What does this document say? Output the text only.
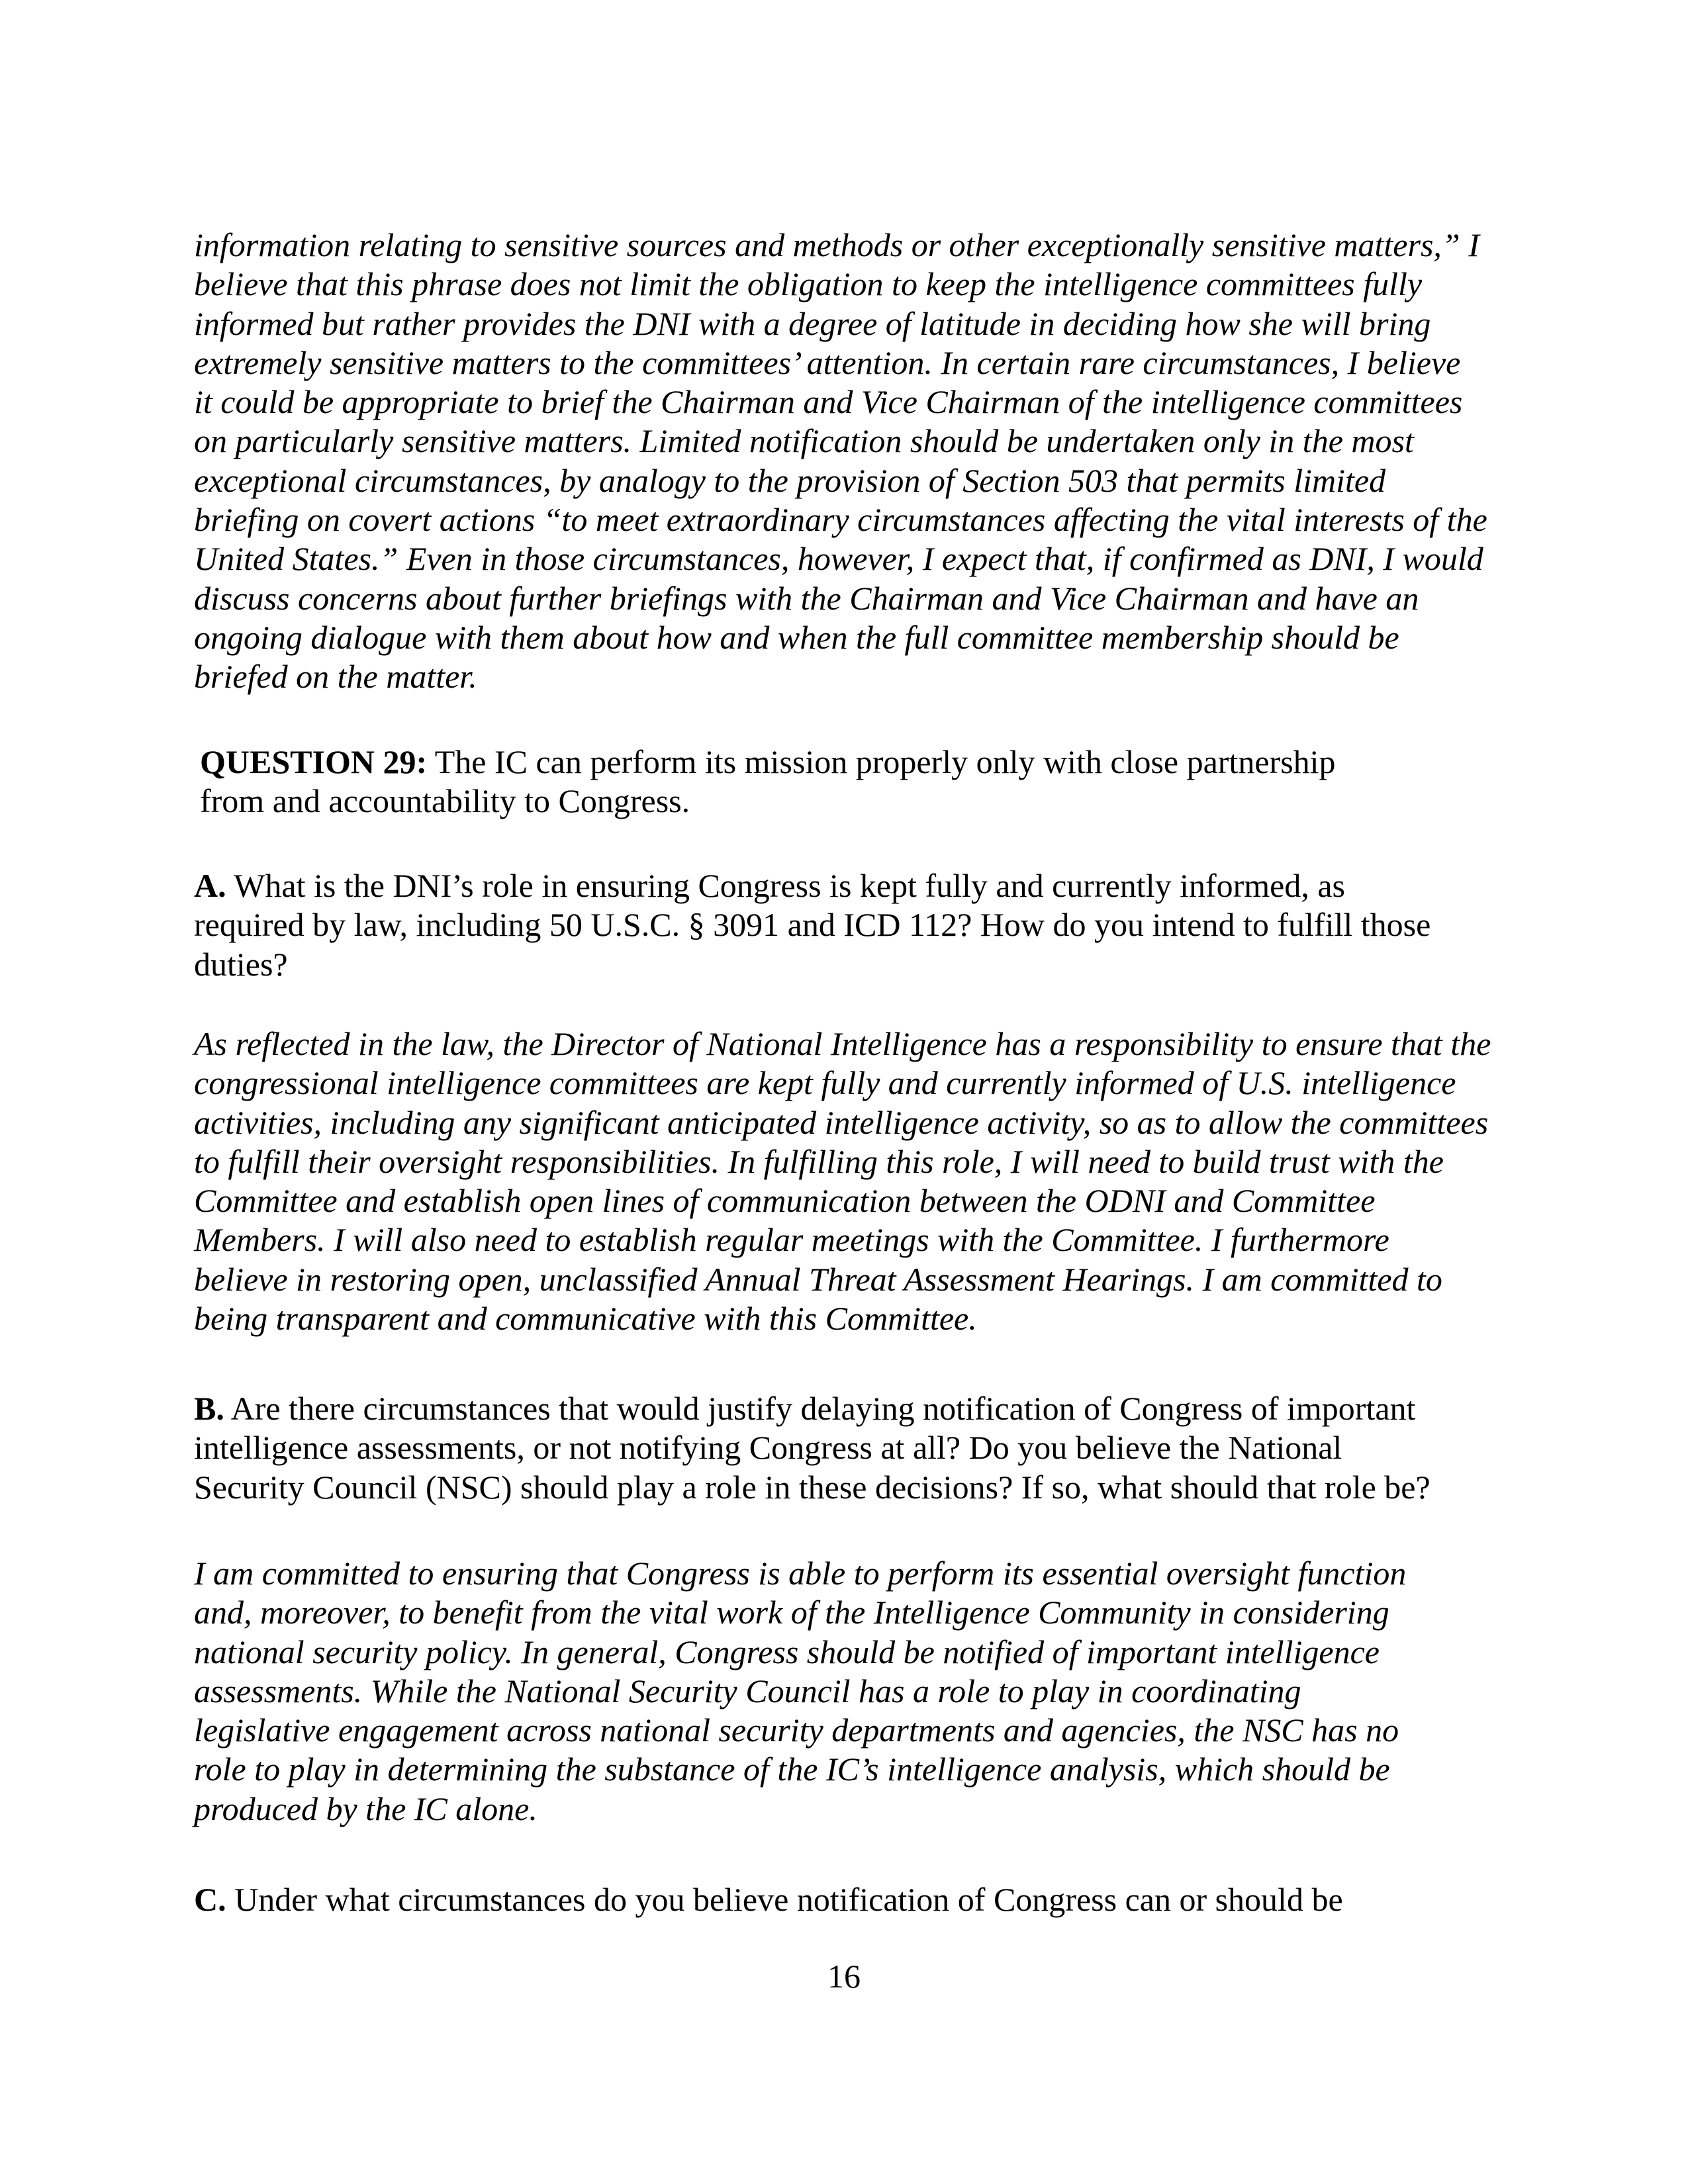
information relating to sensitive sources and methods or other exceptionally sensitive matters,” I
believe that this phrase does not limit the obligation to keep the intelligence committees fully
informed but rather provides the DNI with a degree of latitude in deciding how she will bring
extremely sensitive matters to the committees’ attention. In certain rare circumstances, I believe
it could be appropriate to brief the Chairman and Vice Chairman of the intelligence committees
on particularly sensitive matters. Limited notification should be undertaken only in the most
exceptional circumstances, by analogy to the provision of Section 503 that permits limited
briefing on covert actions “to meet extraordinary circumstances affecting the vital interests of the
United States.” Even in those circumstances, however, I expect that, if confirmed as DNI, I would
discuss concerns about further briefings with the Chairman and Vice Chairman and have an
ongoing dialogue with them about how and when the full committee membership should be
briefed on the matter.
QUESTION 29: The IC can perform its mission properly only with close partnership
from and accountability to Congress.
A. What is the DNI’s role in ensuring Congress is kept fully and currently informed, as
required by law, including 50 U.S.C. § 3091 and ICD 112? How do you intend to fulfill those
duties?
As reflected in the law, the Director of National Intelligence has a responsibility to ensure that the
congressional intelligence committees are kept fully and currently informed of U.S. intelligence
activities, including any significant anticipated intelligence activity, so as to allow the committees
to fulfill their oversight responsibilities. In fulfilling this role, I will need to build trust with the
Committee and establish open lines of communication between the ODNI and Committee
Members. I will also need to establish regular meetings with the Committee. I furthermore
believe in restoring open, unclassified Annual Threat Assessment Hearings. I am committed to
being transparent and communicative with this Committee.
B. Are there circumstances that would justify delaying notification of Congress of important
intelligence assessments, or not notifying Congress at all? Do you believe the National
Security Council (NSC) should play a role in these decisions? If so, what should that role be?
I am committed to ensuring that Congress is able to perform its essential oversight function
and, moreover, to benefit from the vital work of the Intelligence Community in considering
national security policy. In general, Congress should be notified of important intelligence
assessments. While the National Security Council has a role to play in coordinating
legislative engagement across national security departments and agencies, the NSC has no
role to play in determining the substance of the IC’s intelligence analysis, which should be
produced by the IC alone.
C. Under what circumstances do you believe notification of Congress can or should be
16
